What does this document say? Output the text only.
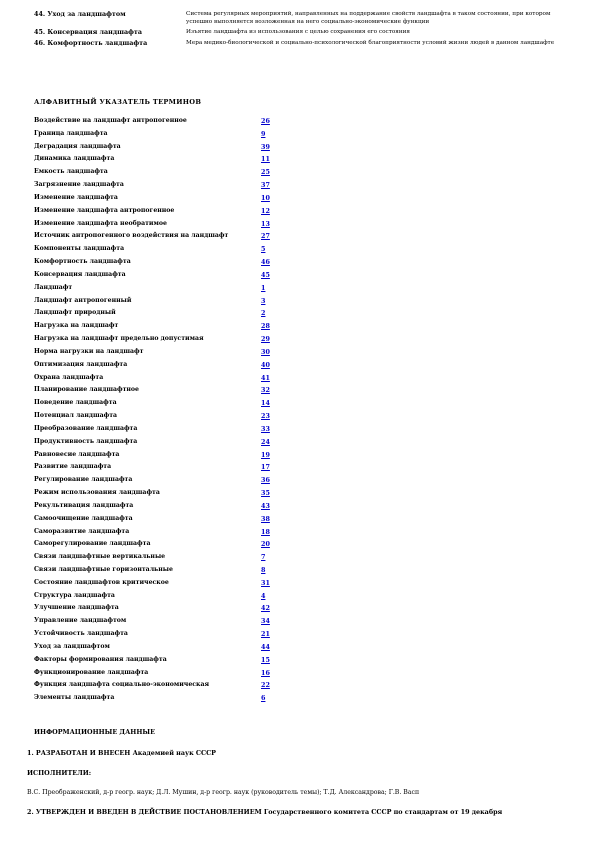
44. Уход за ландшафтом	Система регулярных мероприятий, направленных на поддержание свойств ландшафта в таком состоянии, при котором успешно выполняется возложенная на него социально-экономические функции
45. Консервация ландшафта	Изъятие ландшафта из использования с целью сохранения его состояния
46. Комфортность ландшафта	Мера медико-биологической и социально-психологической благоприятности условий жизни людей в данном ландшафте
АЛФАВИТНЫЙ УКАЗАТЕЛЬ ТЕРМИНОВ
Воздействие на ландшафт антропогенное	26
Граница ландшафта	9
Деградация ландшафта	39
Динамика ландшафта	11
Емкость ландшафта	25
Загрязнение ландшафта	37
Изменение ландшафта	10
Изменение ландшафта антропогенное	12
Изменение ландшафта необратимое	13
Источник антропогенного воздействия на ландшафт	27
Компоненты ландшафта	5
Комфортность ландшафта	46
Консервация ландшафта	45
Ландшафт	1
Ландшафт антропогенный	3
Ландшафт природный	2
Нагрузка на ландшафт	28
Нагрузка на ландшафт предельно допустимая	29
Норма нагрузки на ландшафт	30
Оптимизация ландшафта	40
Охрана ландшафта	41
Планирование ландшафтное	32
Поведение ландшафта	14
Потенциал ландшафта	23
Преобразование ландшафта	33
Продуктивность ландшафта	24
Равновесие ландшафта	19
Развитие ландшафта	17
Регулирование ландшафта	36
Режим использования ландшафта	35
Рекультивация ландшафта	43
Самоочищение ландшафта	38
Саморазвитие ландшафта	18
Саморегулирование ландшафта	20
Связи ландшафтные вертикальные	7
Связи ландшафтные горизонтальные	8
Состояние ландшафтов критическое	31
Структура ландшафта	4
Улучшение ландшафта	42
Управление ландшафтом	34
Устойчивость ландшафта	21
Уход за ландшафтом	44
Факторы формирования ландшафта	15
Функционирование ландшафта	16
Функция ландшафта социально-экономическая	22
Элементы ландшафта	6
ИНФОРМАЦИОННЫЕ ДАННЫЕ
1. РАЗРАБОТАН И ВНЕСЕН Академией наук СССР
ИСПОЛНИТЕЛИ:
В.С. Преображенский, д-р геогр. наук; Д.Л. Мушин, д-р геогр. наук (руководитель темы); Т.Д. Александрова; Г.В. Васп
2. УТВЕРЖДЕН И ВВЕДЕН В ДЕЙСТВИЕ ПОСТАНОВЛЕНИЕМ Государственного комитета СССР по стандартам от 19 декабря
